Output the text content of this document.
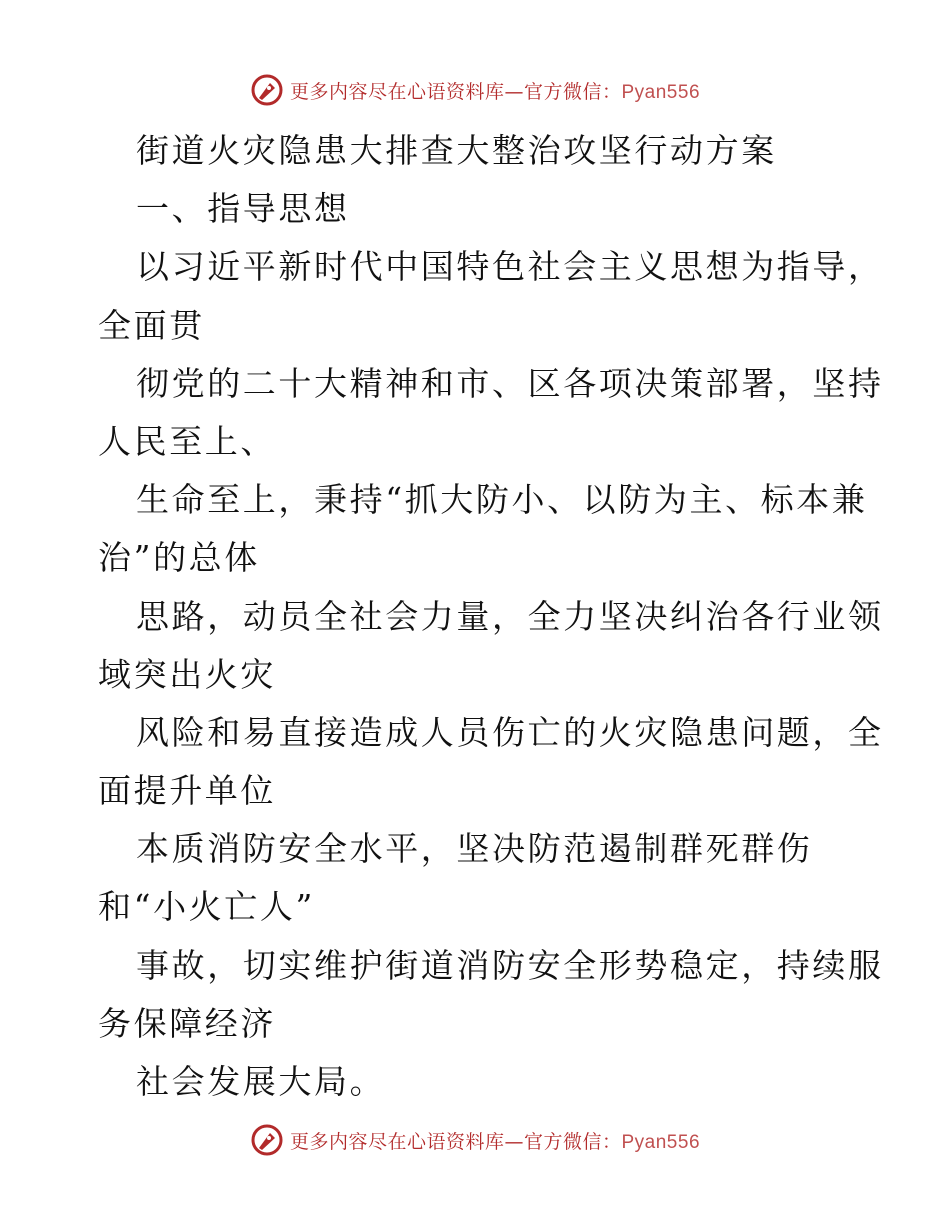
更多内容尽在心语资料库—官方微信：Pyan556
街道火灾隐患大排查大整治攻坚行动方案
一、指导思想
以习近平新时代中国特色社会主义思想为指导，
全面贯
彻党的二十大精神和市、区各项决策部署，坚持
人民至上、
生命至上，秉持“抓大防小、以防为主、标本兼
治”的总体
思路，动员全社会力量，全力坚决纠治各行业领
域突出火灾
风险和易直接造成人员伤亡的火灾隐患问题，全
面提升单位
本质消防安全水平，坚决防范遏制群死群伤
和“小火亡人”
事故，切实维护街道消防安全形势稳定，持续服
务保障经济
社会发展大局。
更多内容尽在心语资料库—官方微信：Pyan556
